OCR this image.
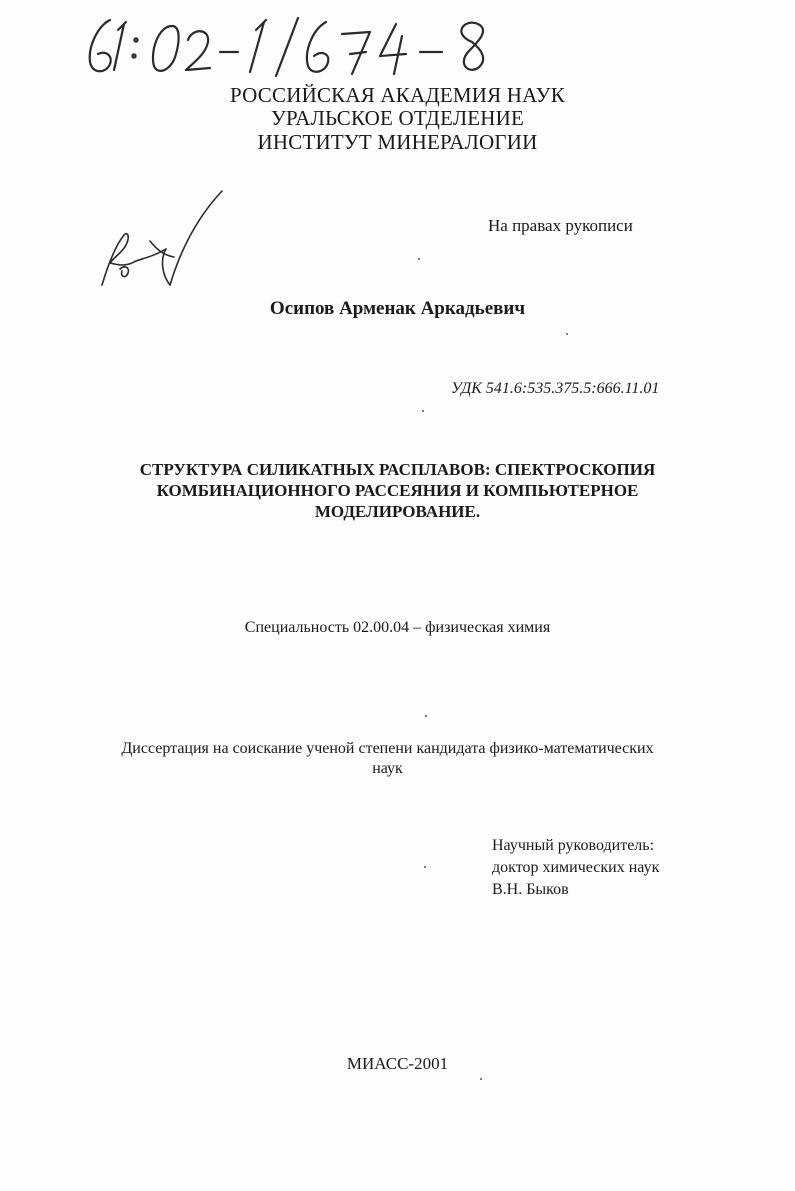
РОССИЙСКАЯ АКАДЕМИЯ НАУК
УРАЛЬСКОЕ ОТДЕЛЕНИЕ
ИНСТИТУТ МИНЕРАЛОГИИ
На правах рукописи
Осипов Арменак Аркадьевич
УДК 541.6:535.375.5:666.11.01
СТРУКТУРА СИЛИКАТНЫХ РАСПЛАВОВ: СПЕКТРОСКОПИЯ
КОМБИНАЦИОННОГО РАССЕЯНИЯ И КОМПЬЮТЕРНОЕ
МОДЕЛИРОВАНИЕ.
Специальность 02.00.04 – физическая химия
Диссертация на соискание ученой степени кандидата физико-математических
наук
Научный руководитель:
доктор химических наук
В.Н. Быков
МИАСС-2001
